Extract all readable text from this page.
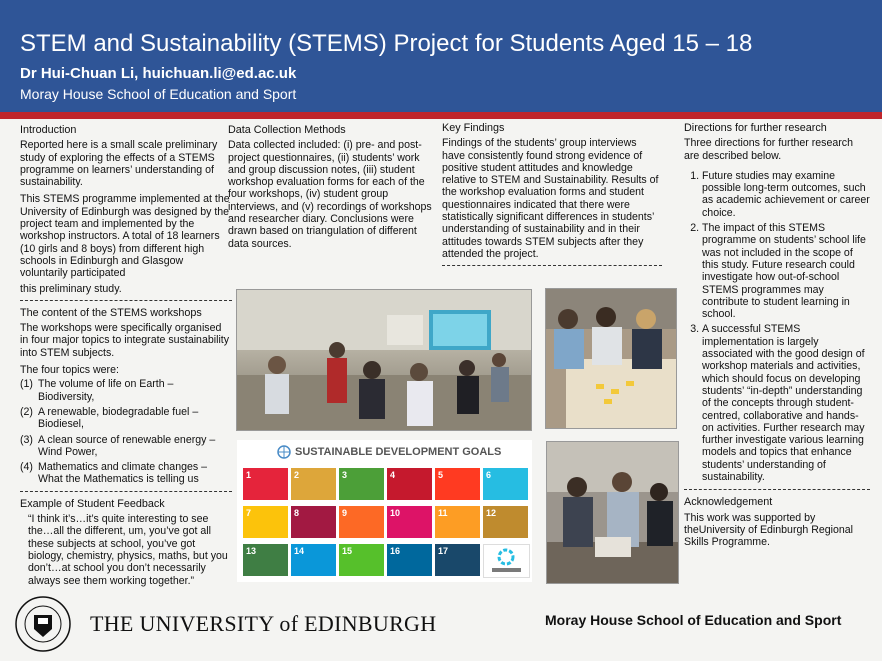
STEM and Sustainability (STEMS) Project for Students Aged 15 – 18
Dr Hui-Chuan Li, huichuan.li@ed.ac.uk
Moray House School of Education and Sport
Introduction

Reported here is a small scale preliminary study of exploring the effects of a STEMS programme on learners’ understanding of sustainability.

This STEMS programme implemented at the University of Edinburgh was designed by the project team and implemented by the workshop instructors. A total of 18 learners (10 girls and 8 boys) from different high schools in Edinburgh and Glasgow voluntarily participated

this preliminary study.

The content of the STEMS workshops

The workshops were specifically organised in four major topics to integrate sustainability into STEM subjects.

The four topics were:

(1) The volume of life on Earth – Biodiversity,
(2) A renewable, biodegradable fuel – Biodiesel,
(3) A clean source of renewable energy – Wind Power,
(4) Mathematics and climate changes – What the Mathematics is telling us
Example of Student Feedback

“I think it’s…it’s quite interesting to see the…all the different, um, you’ve got all these subjects at school, you’ve got biology, chemistry, physics, maths, but you don’t…at school you don’t necessarily always see them working together.”

Data Collection Methods

Data collected included: (i) pre- and post-project questionnaires, (ii) students’ work and group discussion notes, (iii) student workshop evaluation forms for each of the four workshops, (iv) student group interviews, and (v) recordings of workshops and researcher diary. Conclusions were drawn based on triangulation of different data sources.

Key Findings

Findings of the students’ group interviews have consistently found strong evidence of positive student attitudes and knowledge relative to STEM and Sustainability. Results of the workshop evaluation forms and student questionnaires indicated that there were statistically significant differences in students’ understanding of sustainability and in their attitudes towards STEM subjects after they attended the project.

Directions for further research

Three directions for further research are described below.

1. Future studies may examine possible long-term outcomes, such as academic achievement or career choice.
2. The impact of this STEMS programme on students’ school life was not included in the scope of this study. Future research could investigate how out-of-school STEMS programmes may contribute to student learning in school.
3. A successful STEMS implementation is largely associated with the good design of workshop materials and activities, which should focus on developing students’ “in-depth” understanding of the concepts through student-centred, collaborative and hands-on activities. Further research may further investigate various learning models and topics that enhance students’ understanding of sustainability.
Acknowledgement

This work was supported by theUniversity of Edinburgh Regional Skills Programme.

SUSTAINABLE DEVELOPMENT GOALS
1	2	3	4	5	6
7	8	9	10	11	12
13	14	15	16	17
THE UNIVERSITY of EDINBURGH	Moray House School of Education and Sport
